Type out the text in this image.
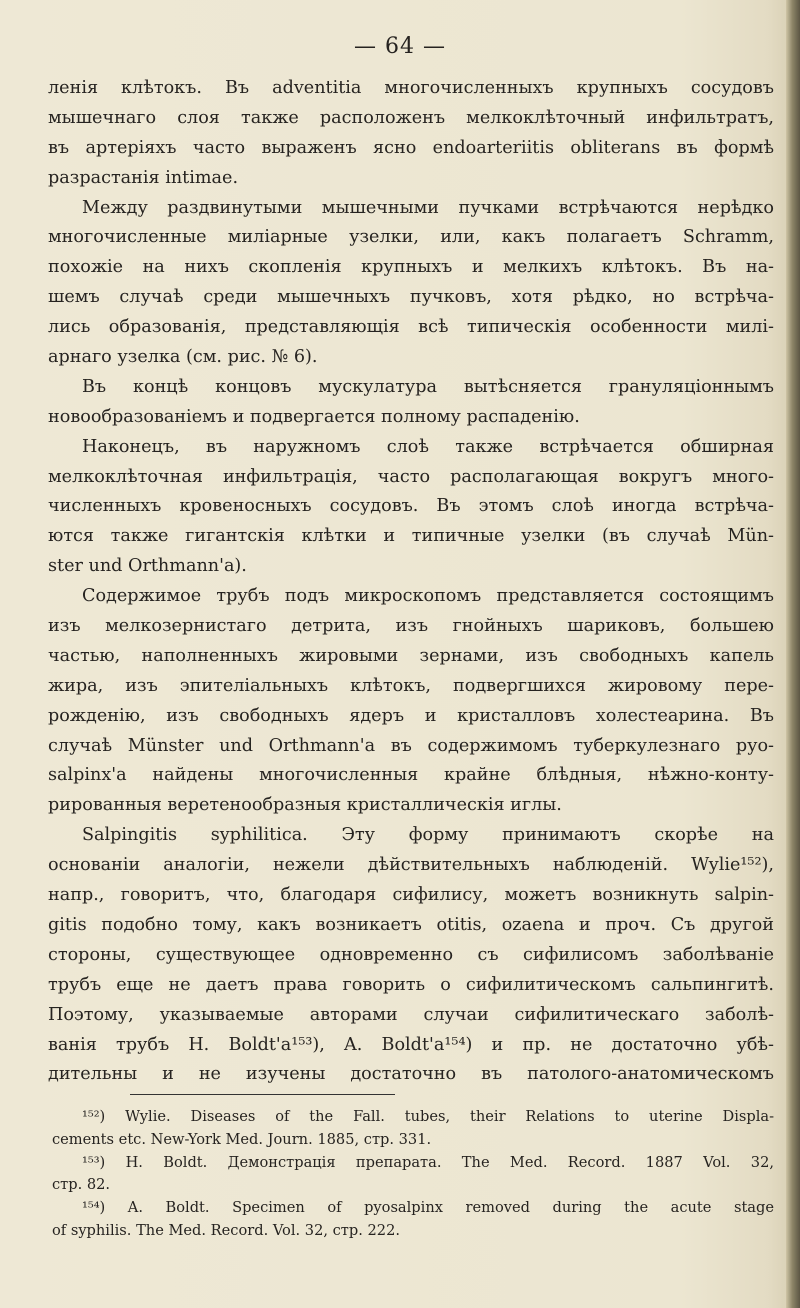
— 64 —
ленія клѣтокъ. Въ adventitia многочисленныхъ крупныхъ сосудовъ
мышечнаго слоя также расположенъ мелкоклѣточный инфильтратъ,
въ артеріяхъ часто выраженъ ясно endoarteriitis obliterans въ формѣ
разрастанія intimae.
Между раздвинутыми мышечными пучками встрѣчаются нерѣдко
многочисленные миліарные узелки, или, какъ полагаетъ Schramm,
похожіе на нихъ скопленія крупныхъ и мелкихъ клѣтокъ. Въ на-
шемъ случаѣ среди мышечныхъ пучковъ, хотя рѣдко, но встрѣча-
лись образованія, представляющія всѣ типическія особенности милі-
арнаго узелка (см. рис. № 6).
Въ концѣ концовъ мускулатура вытѣсняется грануляціоннымъ
новообразованіемъ и подвергается полному распаденію.
Наконецъ, въ наружномъ слоѣ также встрѣчается обширная
мелкоклѣточная инфильтрація, часто располагающая вокругъ много-
численныхъ кровеносныхъ сосудовъ. Въ этомъ слоѣ иногда встрѣча-
ются также гигантскія клѣтки и типичные узелки (въ случаѣ Mün-
ster und Orthmann'а).
Содержимое трубъ подъ микроскопомъ представляется состоящимъ
изъ мелкозернистаго детрита, изъ гнойныхъ шариковъ, большею
частью, наполненныхъ жировыми зернами, изъ свободныхъ капель
жира, изъ эпителіальныхъ клѣтокъ, подвергшихся жировому пере-
рожденію, изъ свободныхъ ядеръ и кристалловъ холестеарина. Въ
случаѣ Münster und Orthmann'а въ содержимомъ туберкулезнаго руо-
salpinx'а найдены многочисленныя крайне блѣдныя, нѣжно-конту-
рированныя веретенообразныя кристаллическія иглы.
Salpingitis syphilitica. Эту форму принимаютъ скорѣе на
основаніи аналогіи, нежели дѣйствительныхъ наблюденій. Wylie¹⁵²),
напр., говоритъ, что, благодаря сифилису, можетъ возникнуть salpin-
gitis подобно тому, какъ возникаетъ otitis, ozaena и проч. Съ другой
стороны, существующее одновременно съ сифилисомъ заболѣваніе
трубъ еще не даетъ права говорить о сифилитическомъ сальпингитѣ.
Поэтому, указываемые авторами случаи сифилитическаго заболѣ-
ванія трубъ H. Boldt'а¹⁵³), A. Boldt'а¹⁵⁴) и пр. не достаточно убѣ-
дительны и не изучены достаточно въ патолого-анатомическомъ
¹⁵²) Wylie. Diseases of the Fall. tubes, their Relations to uterine Displa-
cements etc. New-York Med. Journ. 1885, стр. 331.
¹⁵³) H. Boldt. Демонстрація препарата. The Med. Record. 1887 Vol. 32,
стр. 82.
¹⁵⁴) A. Boldt. Specimen of pyosalpinx removed during the acute stage
of syphilis. The Med. Record. Vol. 32, стр. 222.
